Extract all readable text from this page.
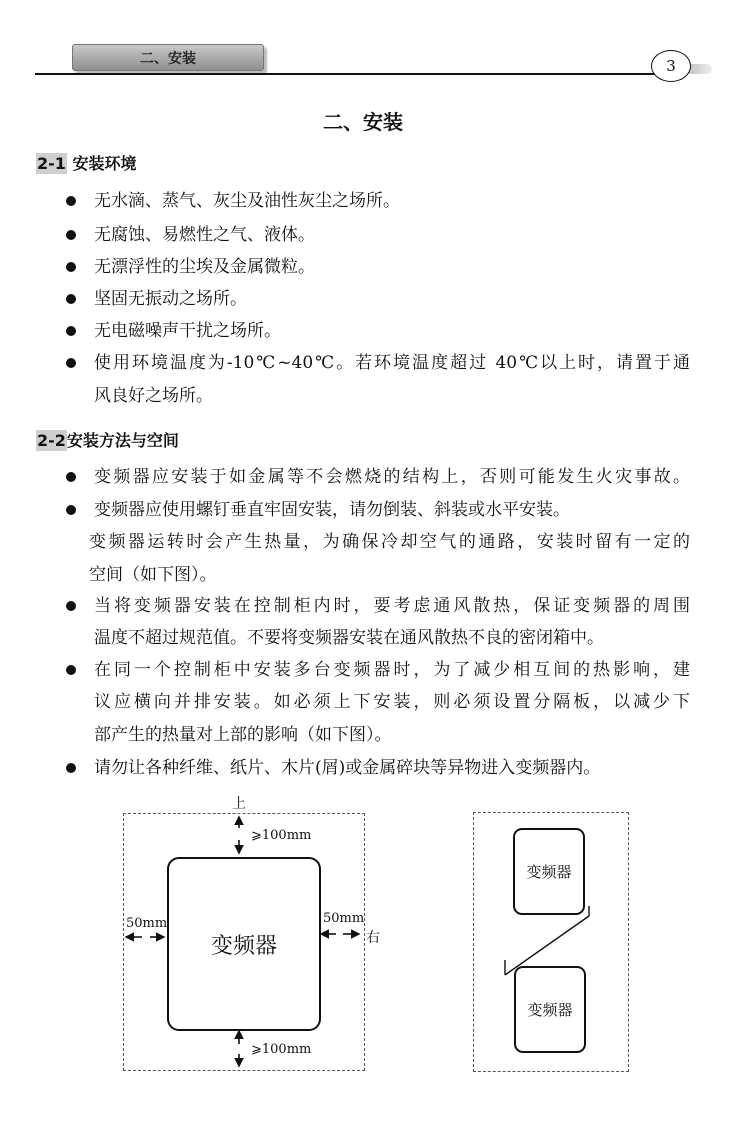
二、安装	3
二、安装
2-1 安装环境
无水滴、蒸气、灰尘及油性灰尘之场所。
无腐蚀、易燃性之气、液体。
无漂浮性的尘埃及金属微粒。
坚固无振动之场所。
无电磁噪声干扰之场所。
使用环境温度为-10℃~40℃。若环境温度超过 40℃以上时，请置于通
风良好之场所。
2-2安装方法与空间
变频器应安装于如金属等不会燃烧的结构上，否则可能发生火灾事故。
变频器应使用螺钉垂直牢固安装，请勿倒装、斜装或水平安装。
变频器运转时会产生热量，为确保冷却空气的通路，安装时留有一定的
空间（如下图）。
当将变频器安装在控制柜内时，要考虑通风散热，保证变频器的周围
温度不超过规范值。不要将变频器安装在通风散热不良的密闭箱中。
在同一个控制柜中安装多台变频器时，为了减少相互间的热影响，建
议应横向并排安装。如必须上下安装，则必须设置分隔板，以减少下
部产生的热量对上部的影响（如下图）。
请勿让各种纤维、纸片、木片(屑)或金属碎块等异物进入变频器内。
上
⩾100mm
变频器
50mm	50mm
右
⩾100mm
变频器
变频器
